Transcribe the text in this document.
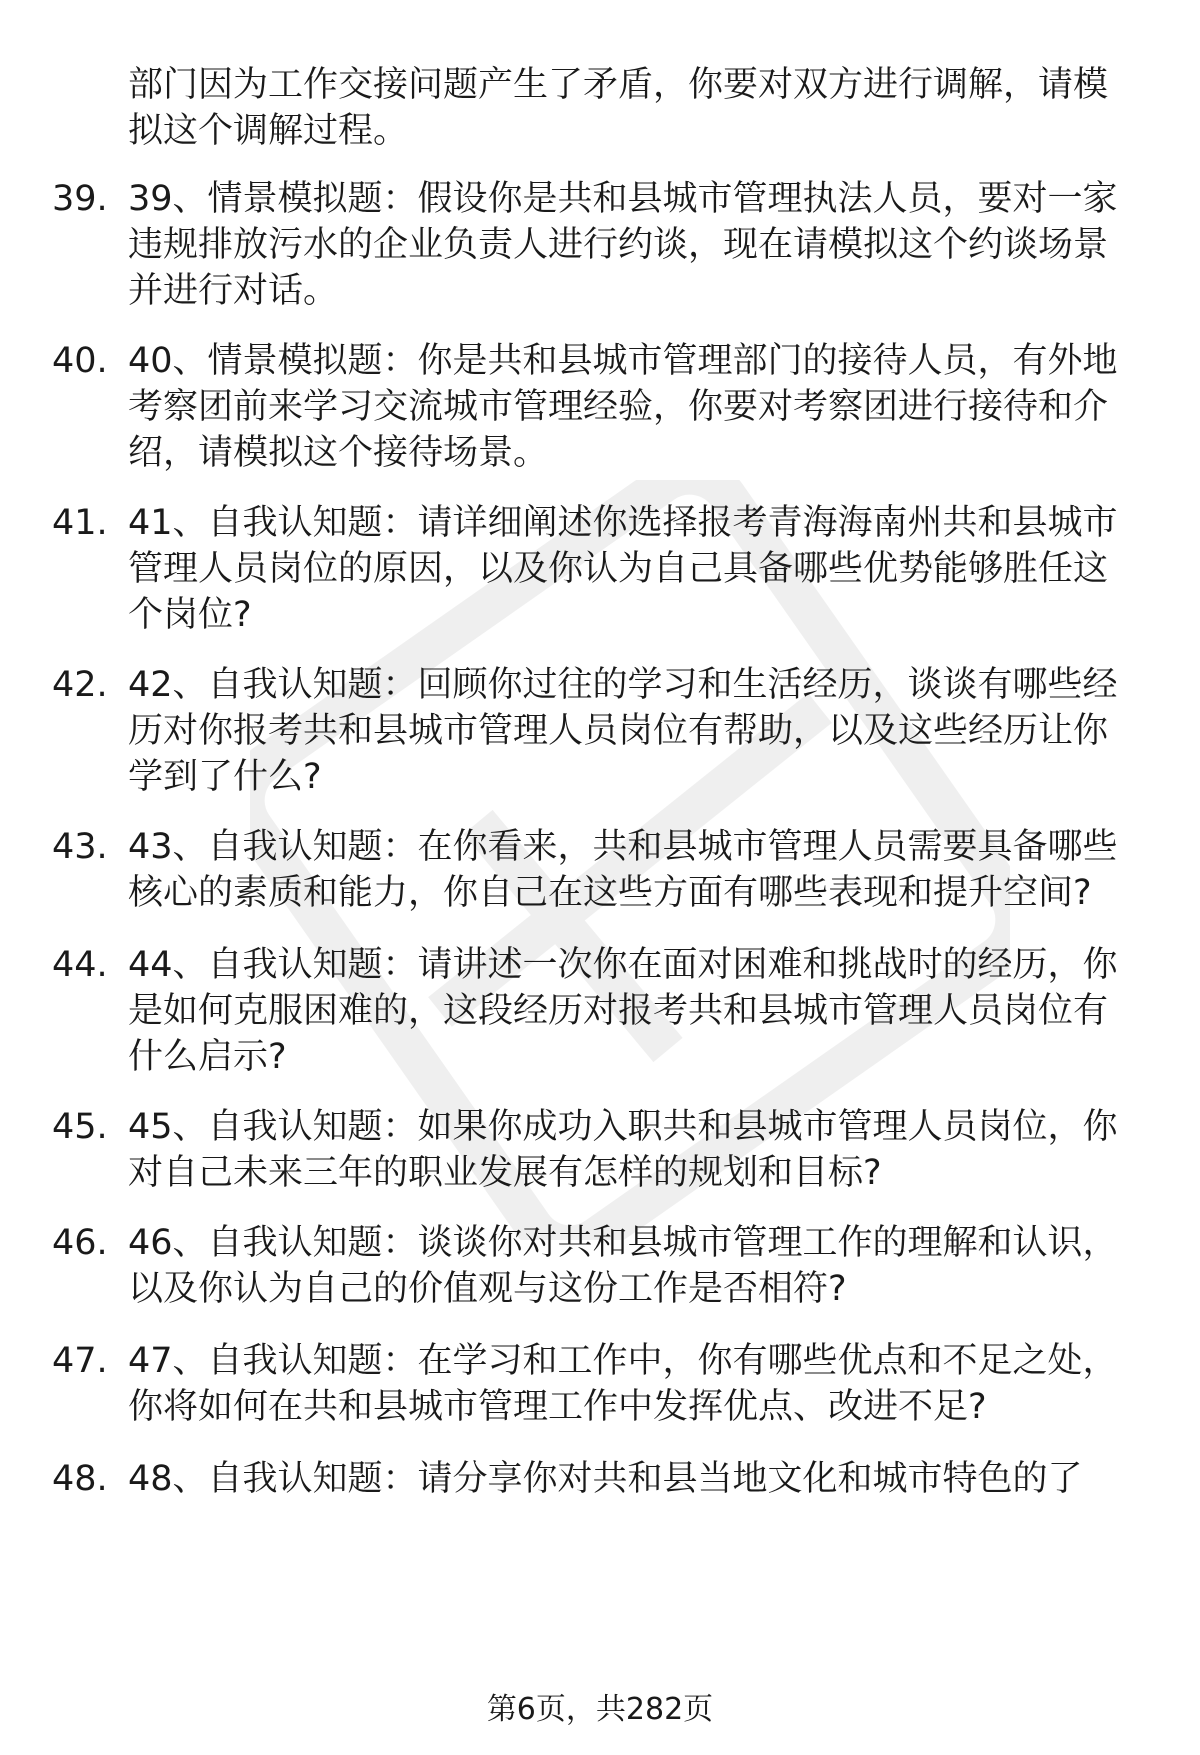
部门因为工作交接问题产生了矛盾，你要对双方进行调解，请模拟这个调解过程。
39. 39、情景模拟题：假设你是共和县城市管理执法人员，要对一家违规排放污水的企业负责人进行约谈，现在请模拟这个约谈场景并进行对话。
40. 40、情景模拟题：你是共和县城市管理部门的接待人员，有外地考察团前来学习交流城市管理经验，你要对考察团进行接待和介绍，请模拟这个接待场景。
41. 41、自我认知题：请详细阐述你选择报考青海海南州共和县城市管理人员岗位的原因，以及你认为自己具备哪些优势能够胜任这个岗位?
42. 42、自我认知题：回顾你过往的学习和生活经历，谈谈有哪些经历对你报考共和县城市管理人员岗位有帮助，以及这些经历让你学到了什么?
43. 43、自我认知题：在你看来，共和县城市管理人员需要具备哪些核心的素质和能力，你自己在这些方面有哪些表现和提升空间?
44. 44、自我认知题：请讲述一次你在面对困难和挑战时的经历，你是如何克服困难的，这段经历对报考共和县城市管理人员岗位有什么启示?
45. 45、自我认知题：如果你成功入职共和县城市管理人员岗位，你对自己未来三年的职业发展有怎样的规划和目标?
46. 46、自我认知题：谈谈你对共和县城市管理工作的理解和认识，以及你认为自己的价值观与这份工作是否相符?
47. 47、自我认知题：在学习和工作中，你有哪些优点和不足之处，你将如何在共和县城市管理工作中发挥优点、改进不足?
48. 48、自我认知题：请分享你对共和县当地文化和城市特色的了
第6页，共282页
